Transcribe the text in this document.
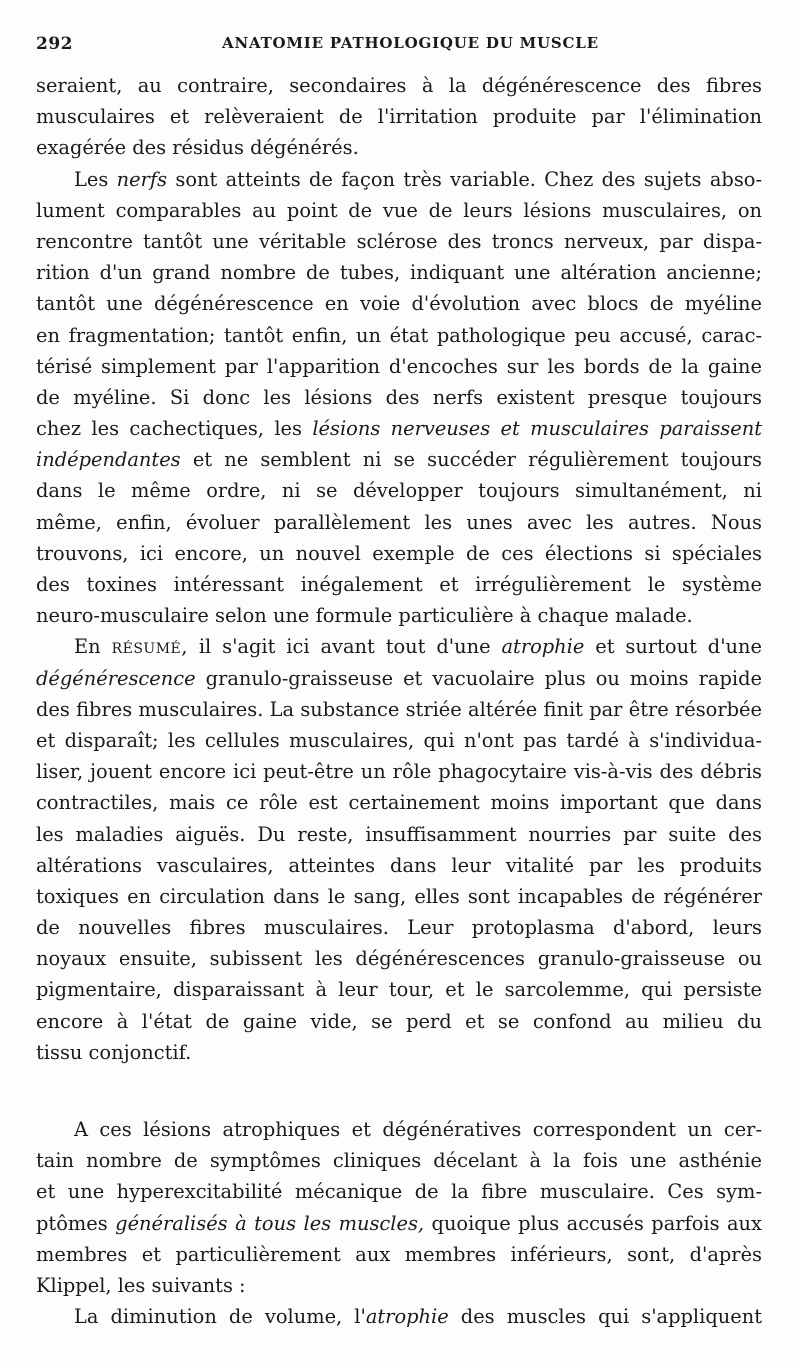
292	ANATOMIE PATHOLOGIQUE DU MUSCLE
seraient, au contraire, secondaires à la dégénérescence des fibres
musculaires et relèveraient de l'irritation produite par l'élimination
exagérée des résidus dégénérés.
Les nerfs sont atteints de façon très variable. Chez des sujets abso-
lument comparables au point de vue de leurs lésions musculaires, on
rencontre tantôt une véritable sclérose des troncs nerveux, par dispa-
rition d'un grand nombre de tubes, indiquant une altération ancienne;
tantôt une dégénérescence en voie d'évolution avec blocs de myéline
en fragmentation; tantôt enfin, un état pathologique peu accusé, carac-
térisé simplement par l'apparition d'encoches sur les bords de la gaine
de myéline. Si donc les lésions des nerfs existent presque toujours
chez les cachectiques, les lésions nerveuses et musculaires paraissent
indépendantes et ne semblent ni se succéder régulièrement toujours
dans le même ordre, ni se développer toujours simultanément, ni
même, enfin, évoluer parallèlement les unes avec les autres. Nous
trouvons, ici encore, un nouvel exemple de ces élections si spéciales
des toxines intéressant inégalement et irrégulièrement le système
neuro-musculaire selon une formule particulière à chaque malade.
En résumé, il s'agit ici avant tout d'une atrophie et surtout d'une
dégénérescence granulo-graisseuse et vacuolaire plus ou moins rapide
des fibres musculaires. La substance striée altérée finit par être résorbée
et disparaît; les cellules musculaires, qui n'ont pas tardé à s'individua-
liser, jouent encore ici peut-être un rôle phagocytaire vis-à-vis des débris
contractiles, mais ce rôle est certainement moins important que dans
les maladies aiguës. Du reste, insuffisamment nourries par suite des
altérations vasculaires, atteintes dans leur vitalité par les produits
toxiques en circulation dans le sang, elles sont incapables de régénérer
de nouvelles fibres musculaires. Leur protoplasma d'abord, leurs
noyaux ensuite, subissent les dégénérescences granulo-graisseuse ou
pigmentaire, disparaissant à leur tour, et le sarcolemme, qui persiste
encore à l'état de gaine vide, se perd et se confond au milieu du
tissu conjonctif.
A ces lésions atrophiques et dégénératives correspondent un cer-
tain nombre de symptômes cliniques décelant à la fois une asthénie
et une hyperexcitabilité mécanique de la fibre musculaire. Ces sym-
ptômes généralisés à tous les muscles, quoique plus accusés parfois aux
membres et particulièrement aux membres inférieurs, sont, d'après
Klippel, les suivants :
La diminution de volume, l'atrophie des muscles qui s'appliquent
